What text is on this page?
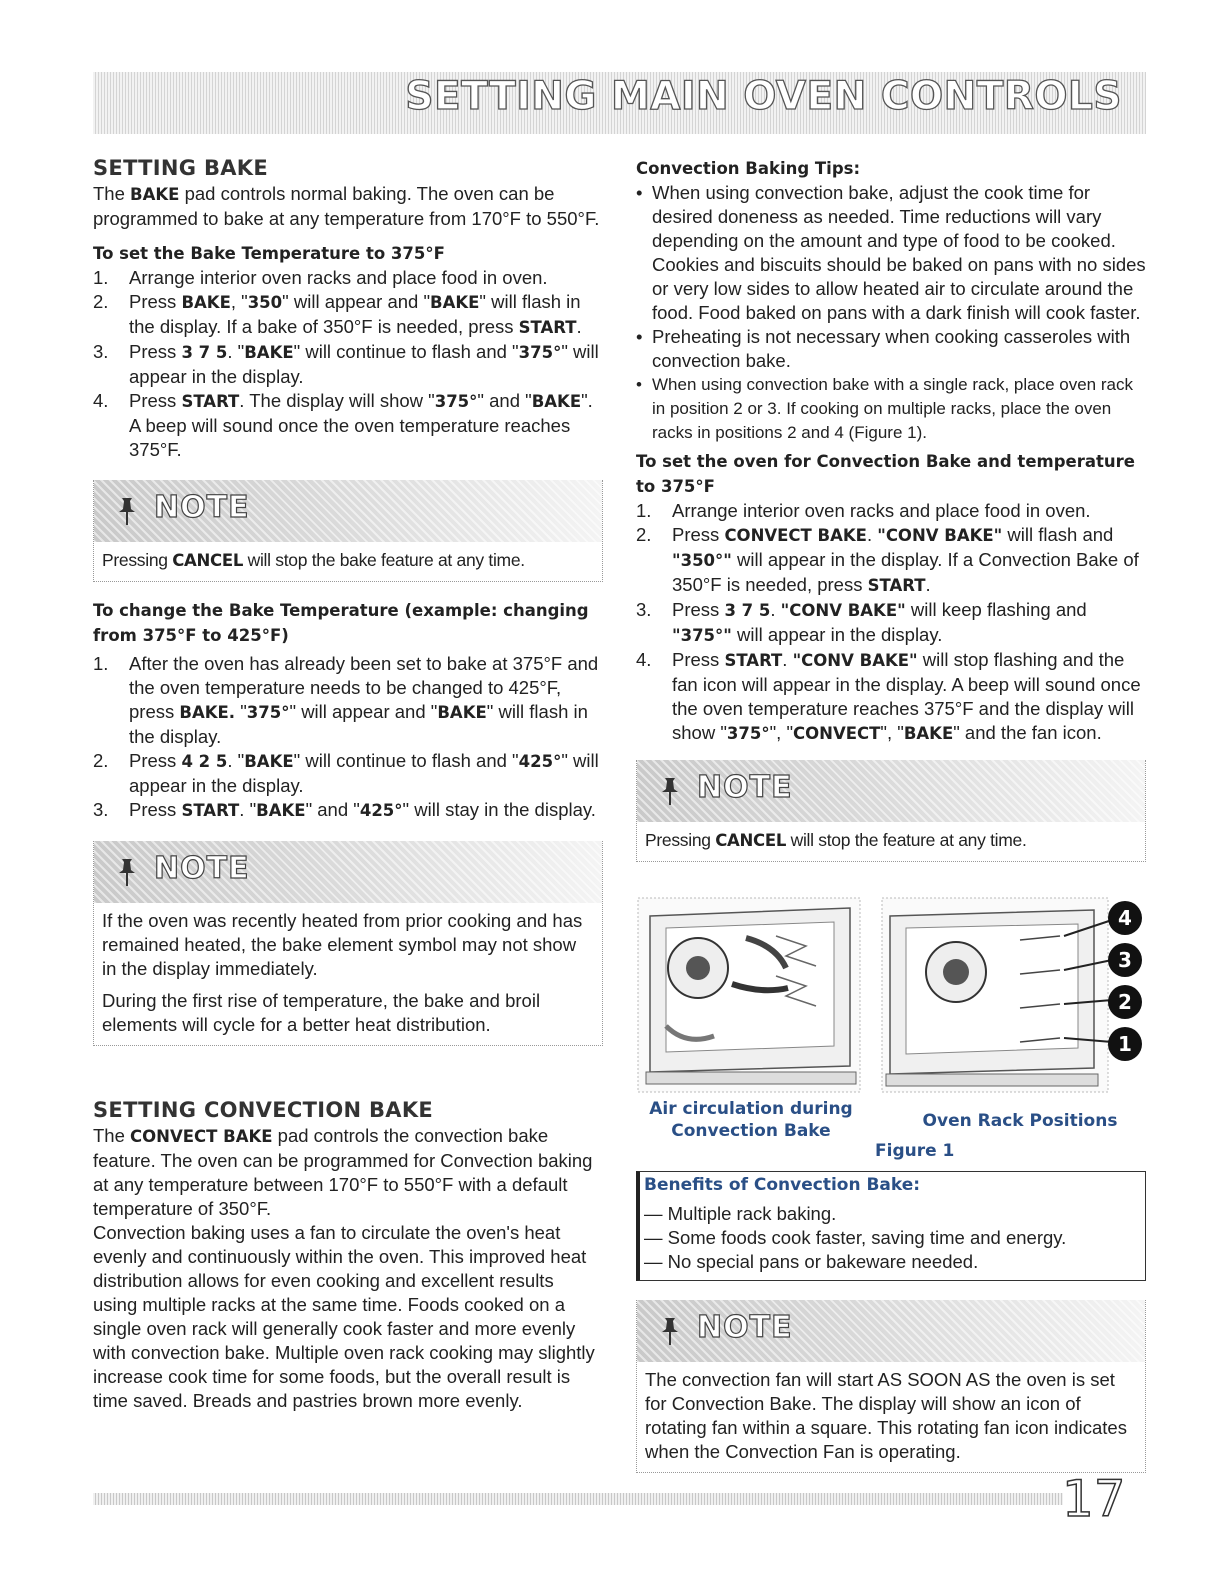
SETTING MAIN OVEN CONTROLS
SETTING BAKE
The BAKE pad controls normal baking. The oven can be programmed to bake at any temperature from 170°F to 550°F.
To set the Bake Temperature to 375°F
1. Arrange interior oven racks and place food in oven.
2. Press BAKE, "350" will appear and "BAKE" will flash in the display. If a bake of 350°F is needed, press START.
3. Press 3 7 5. "BAKE" will continue to flash and "375°" will appear in the display.
4. Press START. The display will show "375°" and "BAKE". A beep will sound once the oven temperature reaches 375°F.
NOTE
Pressing CANCEL will stop the bake feature at any time.
To change the Bake Temperature (example: changing from 375°F to 425°F)
1. After the oven has already been set to bake at 375°F and the oven temperature needs to be changed to 425°F, press BAKE. "375°" will appear and "BAKE" will flash in the display.
2. Press 4 2 5. "BAKE" will continue to flash and "425°" will appear in the display.
3. Press START. "BAKE" and "425°" will stay in the display.
NOTE
If the oven was recently heated from prior cooking and has remained heated, the bake element symbol may not show in the display immediately.
During the first rise of temperature, the bake and broil elements will cycle for a better heat distribution.
SETTING CONVECTION BAKE
The CONVECT BAKE pad controls the convection bake feature. The oven can be programmed for Convection baking at any temperature between 170°F to 550°F with a default temperature of 350°F.
Convection baking uses a fan to circulate the oven's heat evenly and continuously within the oven. This improved heat distribution allows for even cooking and excellent results using multiple racks at the same time. Foods cooked on a single oven rack will generally cook faster and more evenly with convection bake. Multiple oven rack cooking may slightly increase cook time for some foods, but the overall result is time saved. Breads and pastries brown more evenly.
Convection Baking Tips:
• When using convection bake, adjust the cook time for desired doneness as needed. Time reductions will vary depending on the amount and type of food to be cooked. Cookies and biscuits should be baked on pans with no sides or very low sides to allow heated air to circulate around the food. Food baked on pans with a dark finish will cook faster.
• Preheating is not necessary when cooking casseroles with convection bake.
• When using convection bake with a single rack, place oven rack in position 2 or 3. If cooking on multiple racks, place the oven racks in positions 2 and 4 (Figure 1).
To set the oven for Convection Bake and temperature to 375°F
1. Arrange interior oven racks and place food in oven.
2. Press CONVECT BAKE. "CONV BAKE" will flash and "350°" will appear in the display. If a Convection Bake of 350°F is needed, press START.
3. Press 3 7 5. "CONV BAKE" will keep flashing and "375°" will appear in the display.
4. Press START. "CONV BAKE" will stop flashing and the fan icon will appear in the display. A beep will sound once the oven temperature reaches 375°F and the display will show "375°", "CONVECT", "BAKE" and the fan icon.
NOTE
Pressing CANCEL will stop the feature at any time.
4
3
2
1
Air circulation during Convection Bake	Oven Rack Positions
Figure 1
Benefits of Convection Bake:
— Multiple rack baking.
— Some foods cook faster, saving time and energy.
— No special pans or bakeware needed.
NOTE
The convection fan will start AS SOON AS the oven is set for Convection Bake. The display will show an icon of rotating fan within a square. This rotating fan icon indicates when the Convection Fan is operating.
17
